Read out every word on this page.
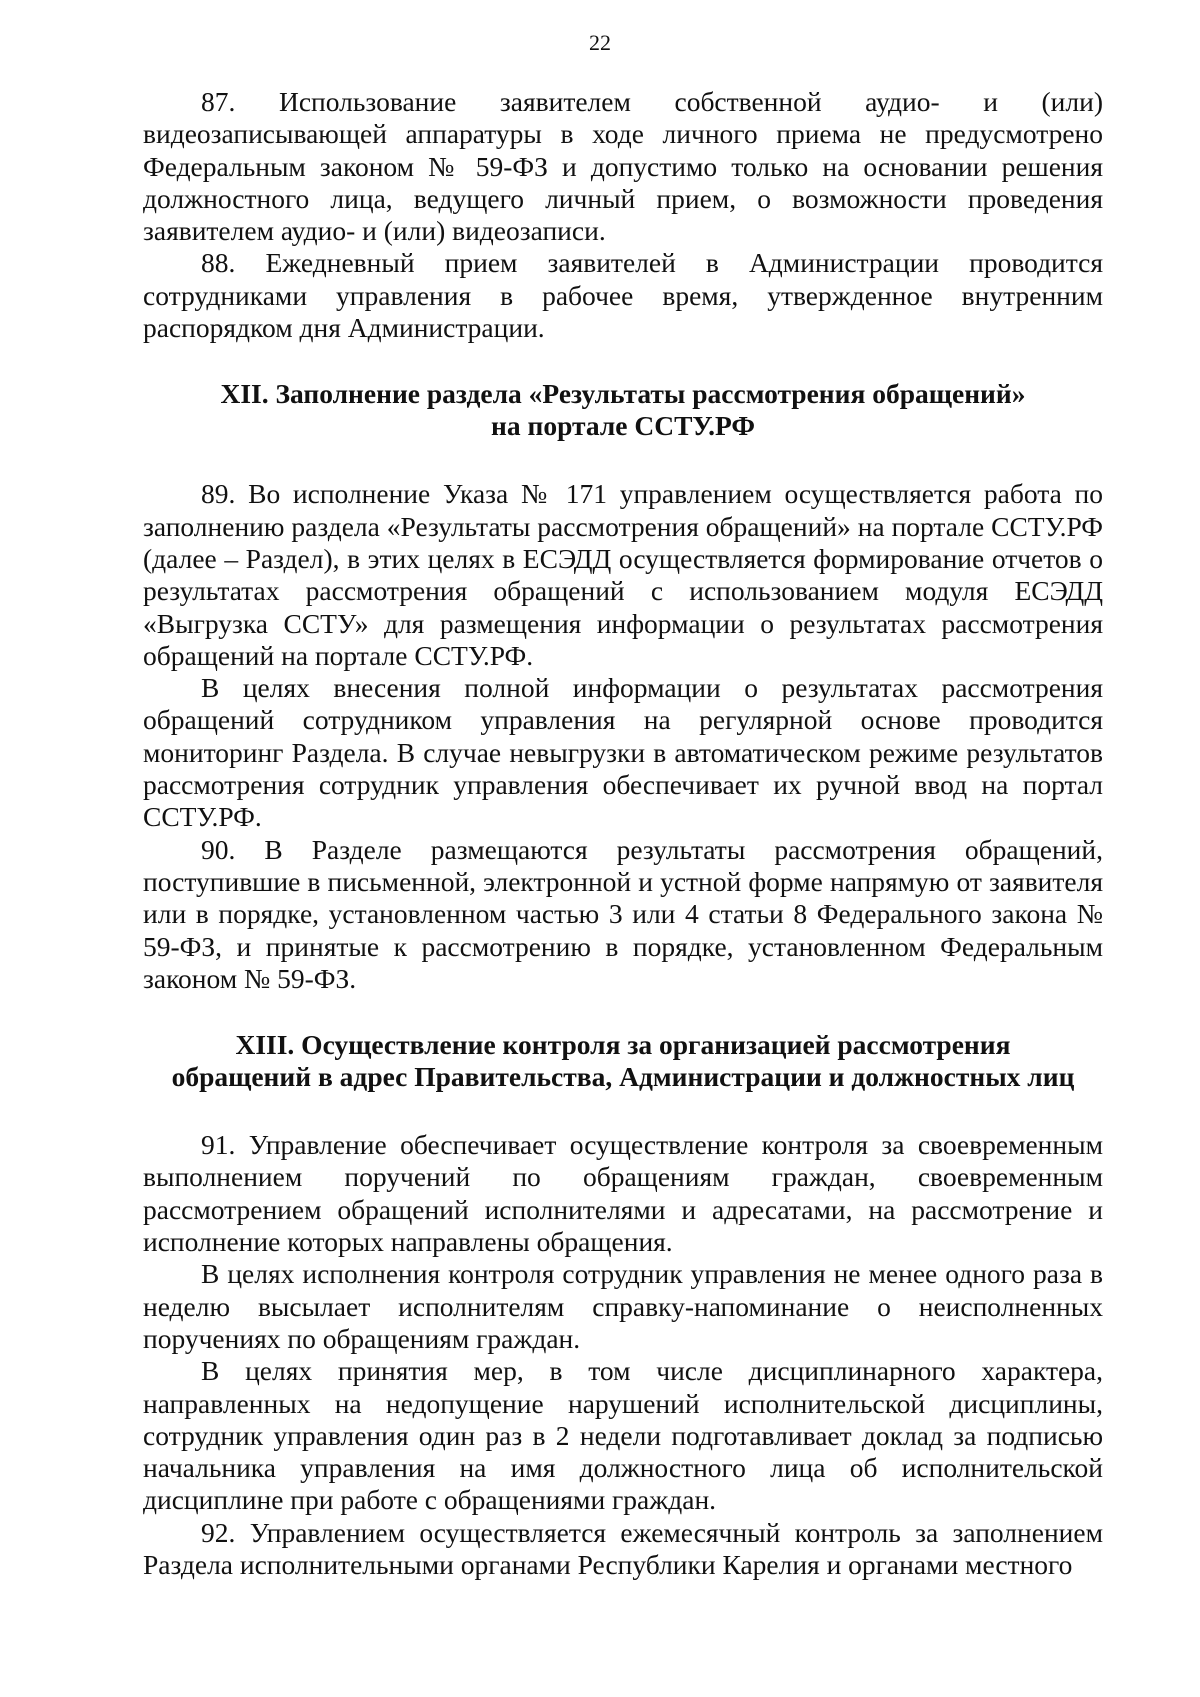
22

87. Использование заявителем собственной аудио- и (или) видеозаписывающей аппаратуры в ходе личного приема не предусмотрено Федеральным законом № 59-ФЗ и допустимо только на основании решения должностного лица, ведущего личный прием, о возможности проведения заявителем аудио- и (или) видеозаписи.

88. Ежедневный прием заявителей в Администрации проводится сотрудниками управления в рабочее время, утвержденное внутренним распорядком дня Администрации.

XII. Заполнение раздела «Результаты рассмотрения обращений»
на портале ССТУ.РФ

89. Во исполнение Указа № 171 управлением осуществляется работа по заполнению раздела «Результаты рассмотрения обращений» на портале ССТУ.РФ (далее – Раздел), в этих целях в ЕСЭДД осуществляется формирование отчетов о результатах рассмотрения обращений с использованием модуля ЕСЭДД «Выгрузка ССТУ» для размещения информации о результатах рассмотрения обращений на портале ССТУ.РФ.

В целях внесения полной информации о результатах рассмотрения обращений сотрудником управления на регулярной основе проводится мониторинг Раздела. В случае невыгрузки в автоматическом режиме результатов рассмотрения сотрудник управления обеспечивает их ручной ввод на портал ССТУ.РФ.

90. В Разделе размещаются результаты рассмотрения обращений, поступившие в письменной, электронной и устной форме напрямую от заявителя или в порядке, установленном частью 3 или 4 статьи 8 Федерального закона № 59-ФЗ, и принятые к рассмотрению в порядке, установленном Федеральным законом № 59-ФЗ.

XIII. Осуществление контроля за организацией рассмотрения
обращений в адрес Правительства, Администрации и должностных лиц

91. Управление обеспечивает осуществление контроля за своевременным выполнением поручений по обращениям граждан, своевременным рассмотрением обращений исполнителями и адресатами, на рассмотрение и исполнение которых направлены обращения.

В целях исполнения контроля сотрудник управления не менее одного раза в неделю высылает исполнителям справку-напоминание о неисполненных поручениях по обращениям граждан.

В целях принятия мер, в том числе дисциплинарного характера, направленных на недопущение нарушений исполнительской дисциплины, сотрудник управления один раз в 2 недели подготавливает доклад за подписью начальника управления на имя должностного лица об исполнительской дисциплине при работе с обращениями граждан.

92. Управлением осуществляется ежемесячный контроль за заполнением Раздела исполнительными органами Республики Карелия и органами местного
